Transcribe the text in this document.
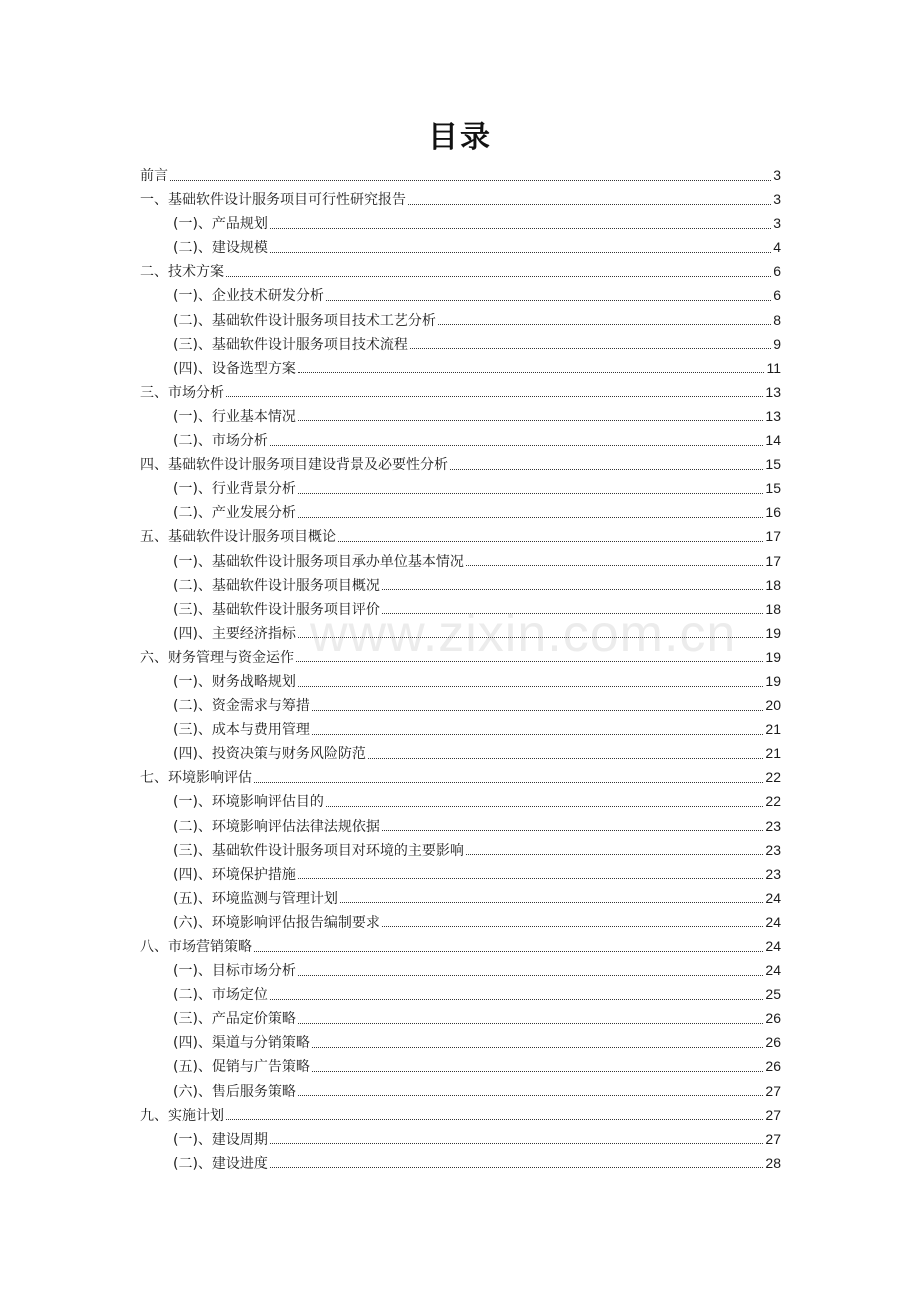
目录
前言	3
一、基础软件设计服务项目可行性研究报告	3
(一)、产品规划	3
(二)、建设规模	4
二、技术方案	6
(一)、企业技术研发分析	6
(二)、基础软件设计服务项目技术工艺分析	8
(三)、基础软件设计服务项目技术流程	9
(四)、设备选型方案	11
三、市场分析	13
(一)、行业基本情况	13
(二)、市场分析	14
四、基础软件设计服务项目建设背景及必要性分析	15
(一)、行业背景分析	15
(二)、产业发展分析	16
五、基础软件设计服务项目概论	17
(一)、基础软件设计服务项目承办单位基本情况	17
(二)、基础软件设计服务项目概况	18
(三)、基础软件设计服务项目评价	18
(四)、主要经济指标	19
六、财务管理与资金运作	19
(一)、财务战略规划	19
(二)、资金需求与筹措	20
(三)、成本与费用管理	21
(四)、投资决策与财务风险防范	21
七、环境影响评估	22
(一)、环境影响评估目的	22
(二)、环境影响评估法律法规依据	23
(三)、基础软件设计服务项目对环境的主要影响	23
(四)、环境保护措施	23
(五)、环境监测与管理计划	24
(六)、环境影响评估报告编制要求	24
八、市场营销策略	24
(一)、目标市场分析	24
(二)、市场定位	25
(三)、产品定价策略	26
(四)、渠道与分销策略	26
(五)、促销与广告策略	26
(六)、售后服务策略	27
九、实施计划	27
(一)、建设周期	27
(二)、建设进度	28
www.zixin.com.cn
